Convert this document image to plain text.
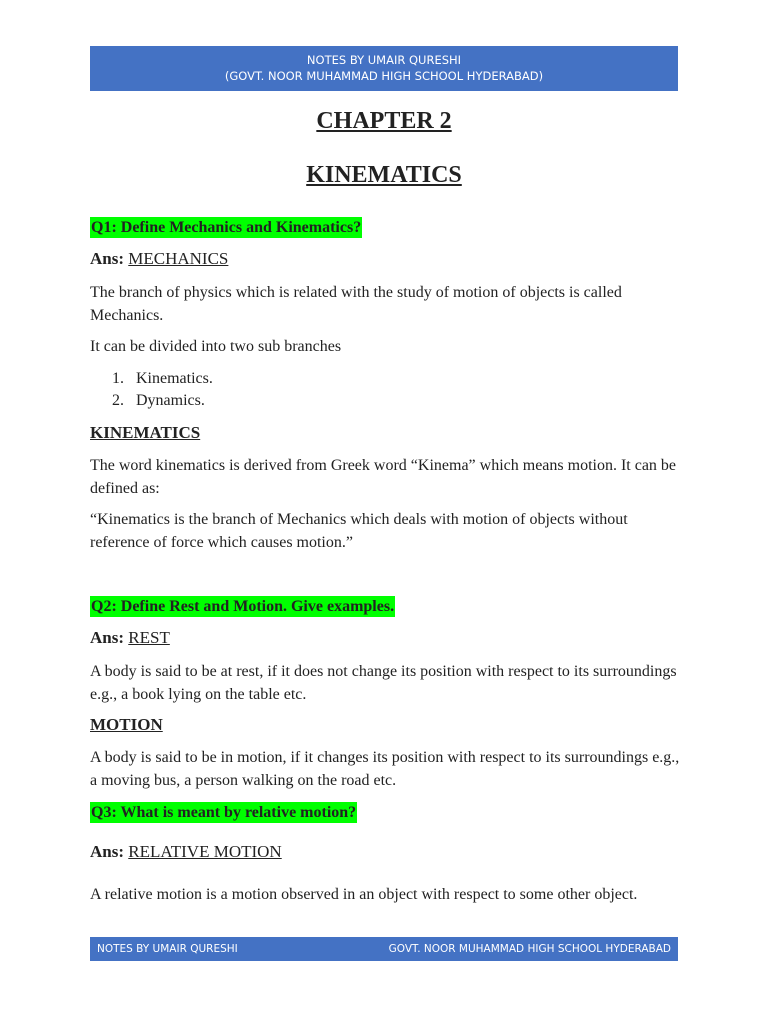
NOTES BY UMAIR QURESHI
(GOVT. NOOR MUHAMMAD HIGH SCHOOL HYDERABAD)
CHAPTER 2
KINEMATICS
Q1: Define Mechanics and Kinematics?
Ans: MECHANICS

The branch of physics which is related with the study of motion of objects is called Mechanics.

It can be divided into two sub branches

1. Kinematics.
2. Dynamics.
KINEMATICS

The word kinematics is derived from Greek word “Kinema” which means motion. It can be defined as:

“Kinematics is the branch of Mechanics which deals with motion of objects without reference of force which causes motion.”

Q2: Define Rest and Motion. Give examples.
Ans: REST

A body is said to be at rest, if it does not change its position with respect to its surroundings e.g., a book lying on the table etc.

MOTION

A body is said to be in motion, if it changes its position with respect to its surroundings e.g., a moving bus, a person walking on the road etc.

Q3: What is meant by relative motion?
Ans: RELATIVE MOTION

A relative motion is a motion observed in an object with respect to some other object.

NOTES BY UMAIR QURESHI	GOVT. NOOR MUHAMMAD HIGH SCHOOL HYDERABAD
